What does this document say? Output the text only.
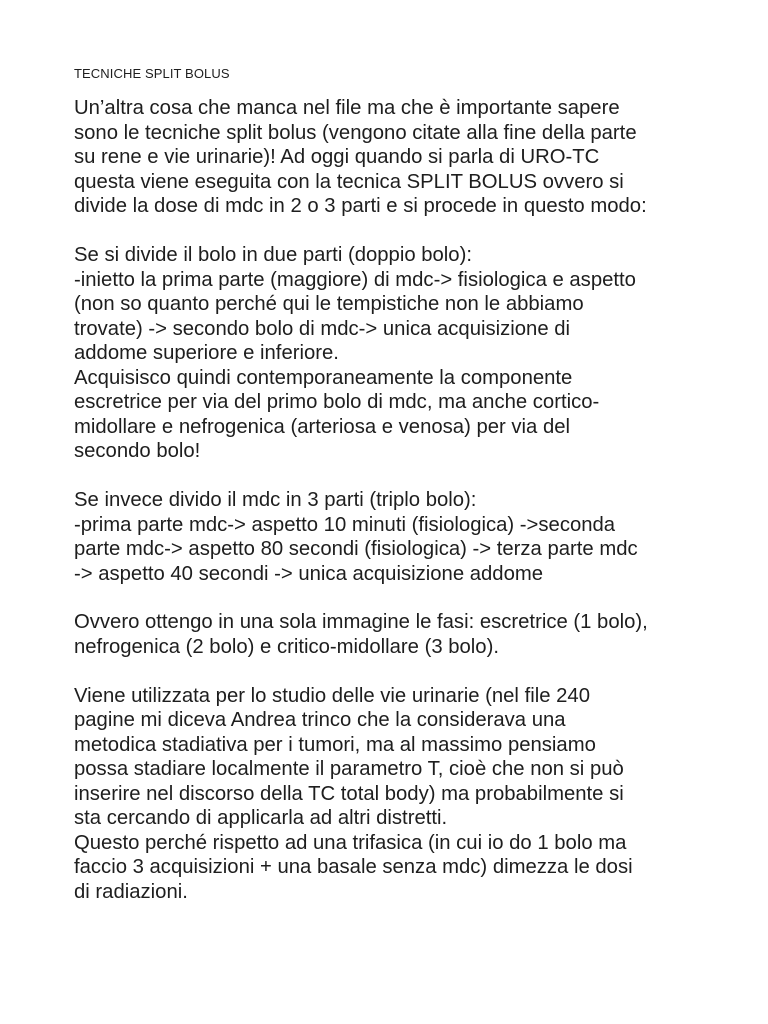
TECNICHE SPLIT BOLUS
Un’altra cosa che manca nel file ma che è importante sapere
sono le tecniche split bolus (vengono citate alla fine della parte
su rene e vie urinarie)! Ad oggi quando si parla di URO-TC
questa viene eseguita con la tecnica SPLIT BOLUS ovvero si
divide la dose di mdc in 2 o 3 parti e si procede in questo modo:
Se si divide il bolo in due parti (doppio bolo):
-inietto la prima parte (maggiore) di mdc-> fisiologica e aspetto
(non so quanto perché qui le tempistiche non le abbiamo
trovate) -> secondo bolo di mdc-> unica acquisizione di
addome superiore e inferiore.
Acquisisco quindi contemporaneamente la componente
escretrice per via del primo bolo di mdc, ma anche cortico-
midollare e nefrogenica (arteriosa e venosa) per via del
secondo bolo!
Se invece divido il mdc in 3 parti (triplo bolo):
-prima parte mdc-> aspetto 10 minuti (fisiologica) ->seconda
parte mdc-> aspetto 80 secondi (fisiologica) -> terza parte mdc
-> aspetto 40 secondi -> unica acquisizione addome
Ovvero ottengo in una sola immagine le fasi: escretrice (1 bolo),
nefrogenica (2 bolo) e critico-midollare (3 bolo).
Viene utilizzata per lo studio delle vie urinarie (nel file 240
pagine mi diceva Andrea trinco che la considerava una
metodica stadiativa per i tumori, ma al massimo pensiamo
possa stadiare localmente il parametro T, cioè che non si può
inserire nel discorso della TC total body) ma probabilmente si
sta cercando di applicarla ad altri distretti.
Questo perché rispetto ad una trifasica (in cui io do 1 bolo ma
faccio 3 acquisizioni + una basale senza mdc) dimezza le dosi
di radiazioni.
